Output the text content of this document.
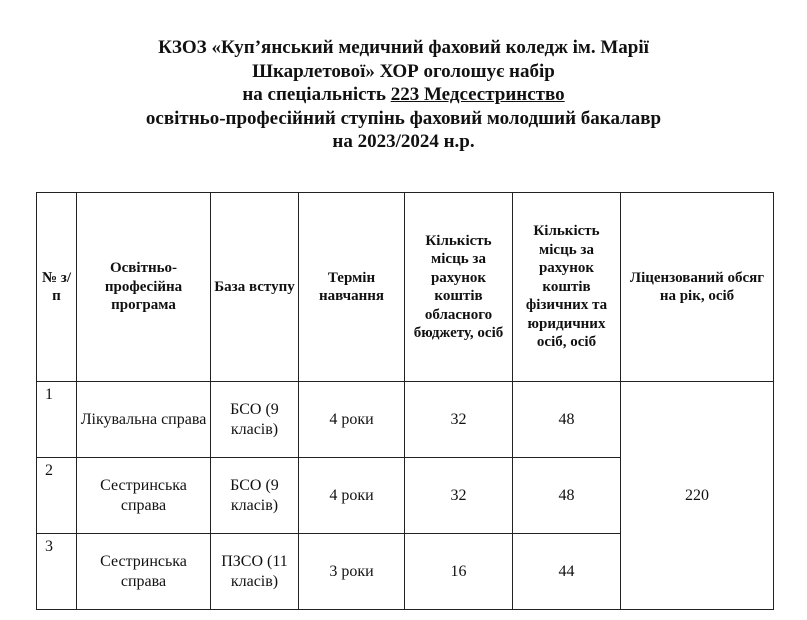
КЗОЗ «Куп’янський медичний фаховий коледж ім. Марії
Шкарлетової» ХОР оголошує набір
на спеціальність 223 Медсестринство
освітньо-професійний ступінь фаховий молодший бакалавр
на 2023/2024 н.р.
№ з/п	Освітньо-професійна програма	База вступу	Термін навчання	Кількість місць за рахунок коштів обласного бюджету, осіб	Кількість місць за рахунок коштів фізичних та юридичних осіб, осіб	Ліцензований обсяг на рік, осіб
1	Лікувальна справа	БСО (9 класів)	4 роки	32	48	220
2	Сестринська справа	БСО (9 класів)	4 роки	32	48	
3	Сестринська справа	ПЗСО (11 класів)	3 роки	16	44	
